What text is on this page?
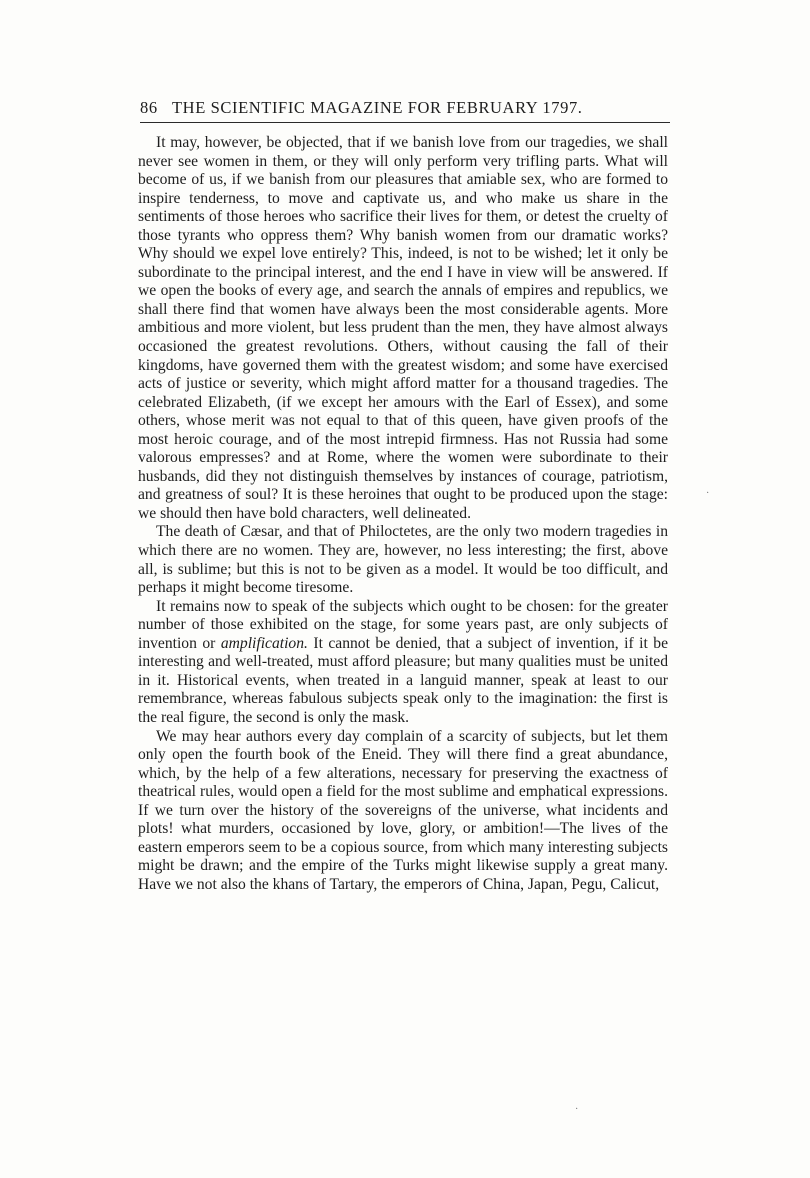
86 THE SCIENTIFIC MAGAZINE FOR FEBRUARY 1797.

It may, however, be objected, that if we banish love from our tragedies, we shall never see women in them, or they will only perform very trifling parts. What will become of us, if we banish from our pleasures that amiable sex, who are formed to inspire tenderness, to move and captivate us, and who make us share in the sentiments of those heroes who sacrifice their lives for them, or detest the cruelty of those tyrants who oppress them? Why banish women from our dramatic works? Why should we expel love entirely? This, indeed, is not to be wished; let it only be subordinate to the principal interest, and the end I have in view will be answered. If we open the books of every age, and search the annals of empires and republics, we shall there find that women have always been the most considerable agents. More ambitious and more violent, but less prudent than the men, they have almost always occasioned the greatest revolutions. Others, without causing the fall of their kingdoms, have governed them with the greatest wisdom; and some have exercised acts of justice or severity, which might afford matter for a thousand tragedies. The celebrated Elizabeth, (if we except her amours with the Earl of Essex), and some others, whose merit was not equal to that of this queen, have given proofs of the most heroic courage, and of the most intrepid firmness. Has not Russia had some valorous empresses? and at Rome, where the women were subordinate to their husbands, did they not distinguish themselves by instances of courage, patriotism, and greatness of soul? It is these heroines that ought to be produced upon the stage: we should then have bold characters, well delineated.

The death of Cæsar, and that of Philoctetes, are the only two modern tragedies in which there are no women. They are, however, no less interesting; the first, above all, is sublime; but this is not to be given as a model. It would be too difficult, and perhaps it might become tiresome.

It remains now to speak of the subjects which ought to be chosen: for the greater number of those exhibited on the stage, for some years past, are only subjects of invention or amplification. It cannot be denied, that a subject of invention, if it be interesting and well-treated, must afford pleasure; but many qualities must be united in it. Historical events, when treated in a languid manner, speak at least to our remembrance, whereas fabulous subjects speak only to the imagination: the first is the real figure, the second is only the mask.

We may hear authors every day complain of a scarcity of subjects, but let them only open the fourth book of the Eneid. They will there find a great abundance, which, by the help of a few alterations, necessary for preserving the exactness of theatrical rules, would open a field for the most sublime and emphatical expressions. If we turn over the history of the sovereigns of the universe, what incidents and plots! what murders, occasioned by love, glory, or ambition!—The lives of the eastern emperors seem to be a copious source, from which many interesting subjects might be drawn; and the empire of the Turks might likewise supply a great many. Have we not also the khans of Tartary, the emperors of China, Japan, Pegu, Calicut,

·
·
